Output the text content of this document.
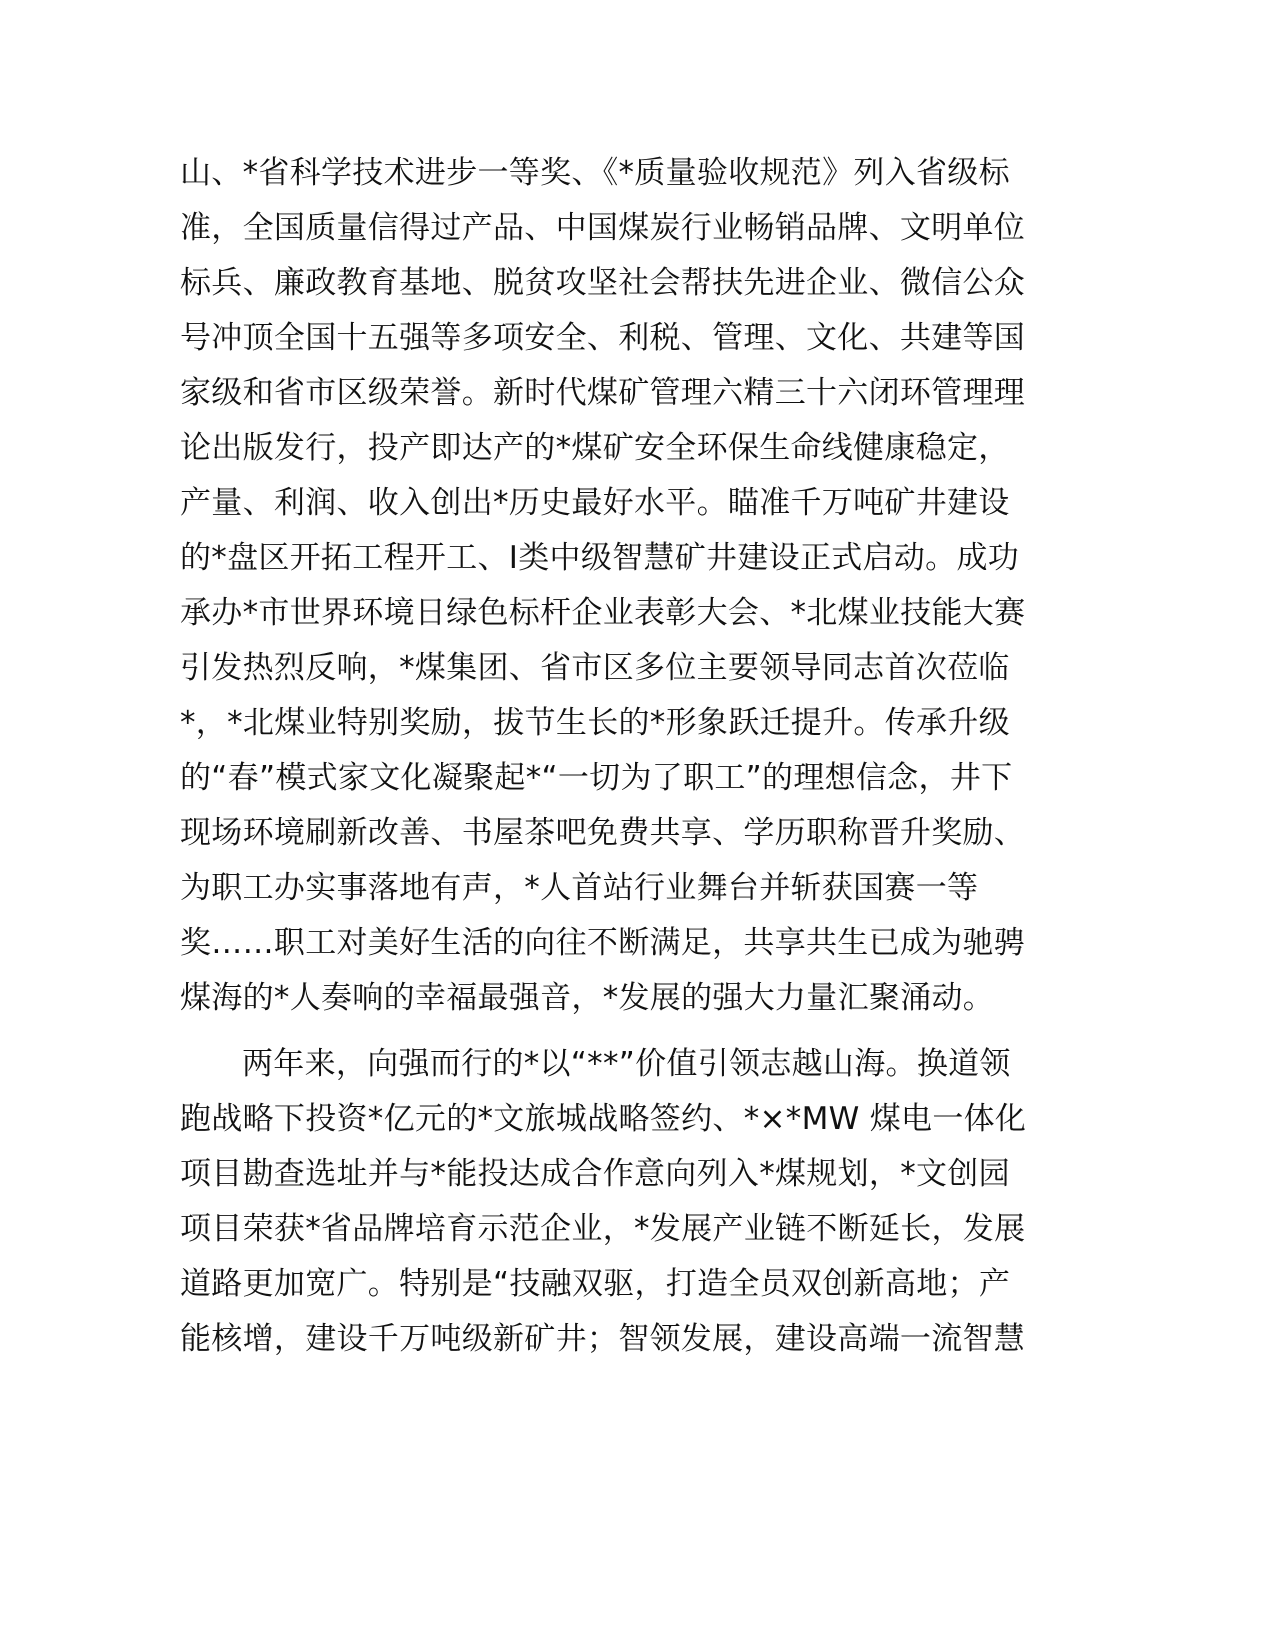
山、*省科学技术进步一等奖、《*质量验收规范》列入省级标
准，全国质量信得过产品、中国煤炭行业畅销品牌、文明单位
标兵、廉政教育基地、脱贫攻坚社会帮扶先进企业、微信公众
号冲顶全国十五强等多项安全、利税、管理、文化、共建等国
家级和省市区级荣誉。新时代煤矿管理六精三十六闭环管理理
论出版发行，投产即达产的*煤矿安全环保生命线健康稳定，
产量、利润、收入创出*历史最好水平。瞄准千万吨矿井建设
的*盘区开拓工程开工、I类中级智慧矿井建设正式启动。成功
承办*市世界环境日绿色标杆企业表彰大会、*北煤业技能大赛
引发热烈反响，*煤集团、省市区多位主要领导同志首次莅临
*，*北煤业特别奖励，拔节生长的*形象跃迁提升。传承升级
的“春”模式家文化凝聚起*“一切为了职工”的理想信念，井下
现场环境刷新改善、书屋茶吧免费共享、学历职称晋升奖励、
为职工办实事落地有声，*人首站行业舞台并斩获国赛一等
奖……职工对美好生活的向往不断满足，共享共生已成为驰骋
煤海的*人奏响的幸福最强音，*发展的强大力量汇聚涌动。
两年来，向强而行的*以“**”价值引领志越山海。换道领
跑战略下投资*亿元的*文旅城战略签约、*×*MW 煤电一体化
项目勘查选址并与*能投达成合作意向列入*煤规划，*文创园
项目荣获*省品牌培育示范企业，*发展产业链不断延长，发展
道路更加宽广。特别是“技融双驱，打造全员双创新高地；产
能核增，建设千万吨级新矿井；智领发展，建设高端一流智慧
